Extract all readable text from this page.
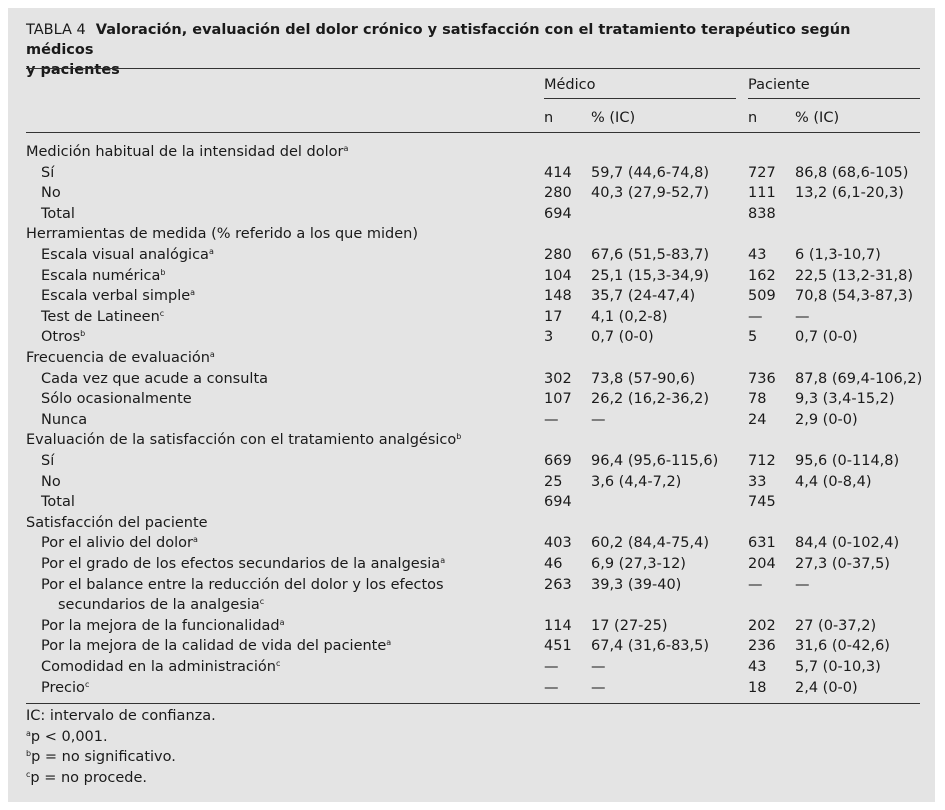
TABLA 4 Valoración, evaluación del dolor crónico y satisfacción con el tratamiento terapéutico según médicos
y pacientes
Médico	Paciente
n	% (IC)	n	% (IC)
Medición habitual de la intensidad del dolor$^a$
Sí	414 59,7 (44,6-74,8)	727 86,8 (68,6-105)
No	280 40,3 (27,9-52,7)	111 13,2 (6,1-20,3)
Total	694	838
Herramientas de medida (% referido a los que miden)
Escala visual analógica$^a$	280 67,6 (51,5-83,7)	43 6 (1,3-10,7)
Escala numérica$^b$	104 25,1 (15,3-34,9)	162 22,5 (13,2-31,8)
Escala verbal simple$^a$	148 35,7 (24-47,4)	509 70,8 (54,3-87,3)
Test de Latineen$^c$	17 4,1 (0,2-8)	— —
Otros$^b$	3	0,7 (0-0)	5	0,7 (0-0)
Frecuencia de evaluación$^a$
Cada vez que acude a consulta	302 73,8 (57-90,6)	736 87,8 (69,4-106,2)
Sólo ocasionalmente	107 26,2 (16,2-36,2)	78 9,3 (3,4-15,2)
Nunca	— —	24 2,9 (0-0)
Evaluación de la satisfacción con el tratamiento analgésico$^b$
Sí	669 96,4 (95,6-115,6) 712 95,6 (0-114,8)
No	25 3,6 (4,4-7,2)	33 4,4 (0-8,4)
Total	694	745
Satisfacción del paciente
Por el alivio del dolor$^a$	403 60,2 (84,4-75,4)	631 84,4 (0-102,4)
Por el grado de los efectos secundarios de la analgesia$^a$	46 6,9 (27,3-12)	204 27,3 (0-37,5)
Por el balance entre la reducción del dolor y los efectos	263 39,3 (39-40)	— —
secundarios de la analgesia$^c$
Por la mejora de la funcionalidad$^a$	114 17 (27-25)	202 27 (0-37,2)
Por la mejora de la calidad de vida del paciente$^a$	451 67,4 (31,6-83,5)	236 31,6 (0-42,6)
Comodidad en la administración$^c$	— —	43 5,7 (0-10,3)
Precio$^c$	— —	18 2,4 (0-0)
IC: intervalo de confianza.
$^a$p < 0,001.
$^b$p = no significativo.
$^c$p = no procede.
